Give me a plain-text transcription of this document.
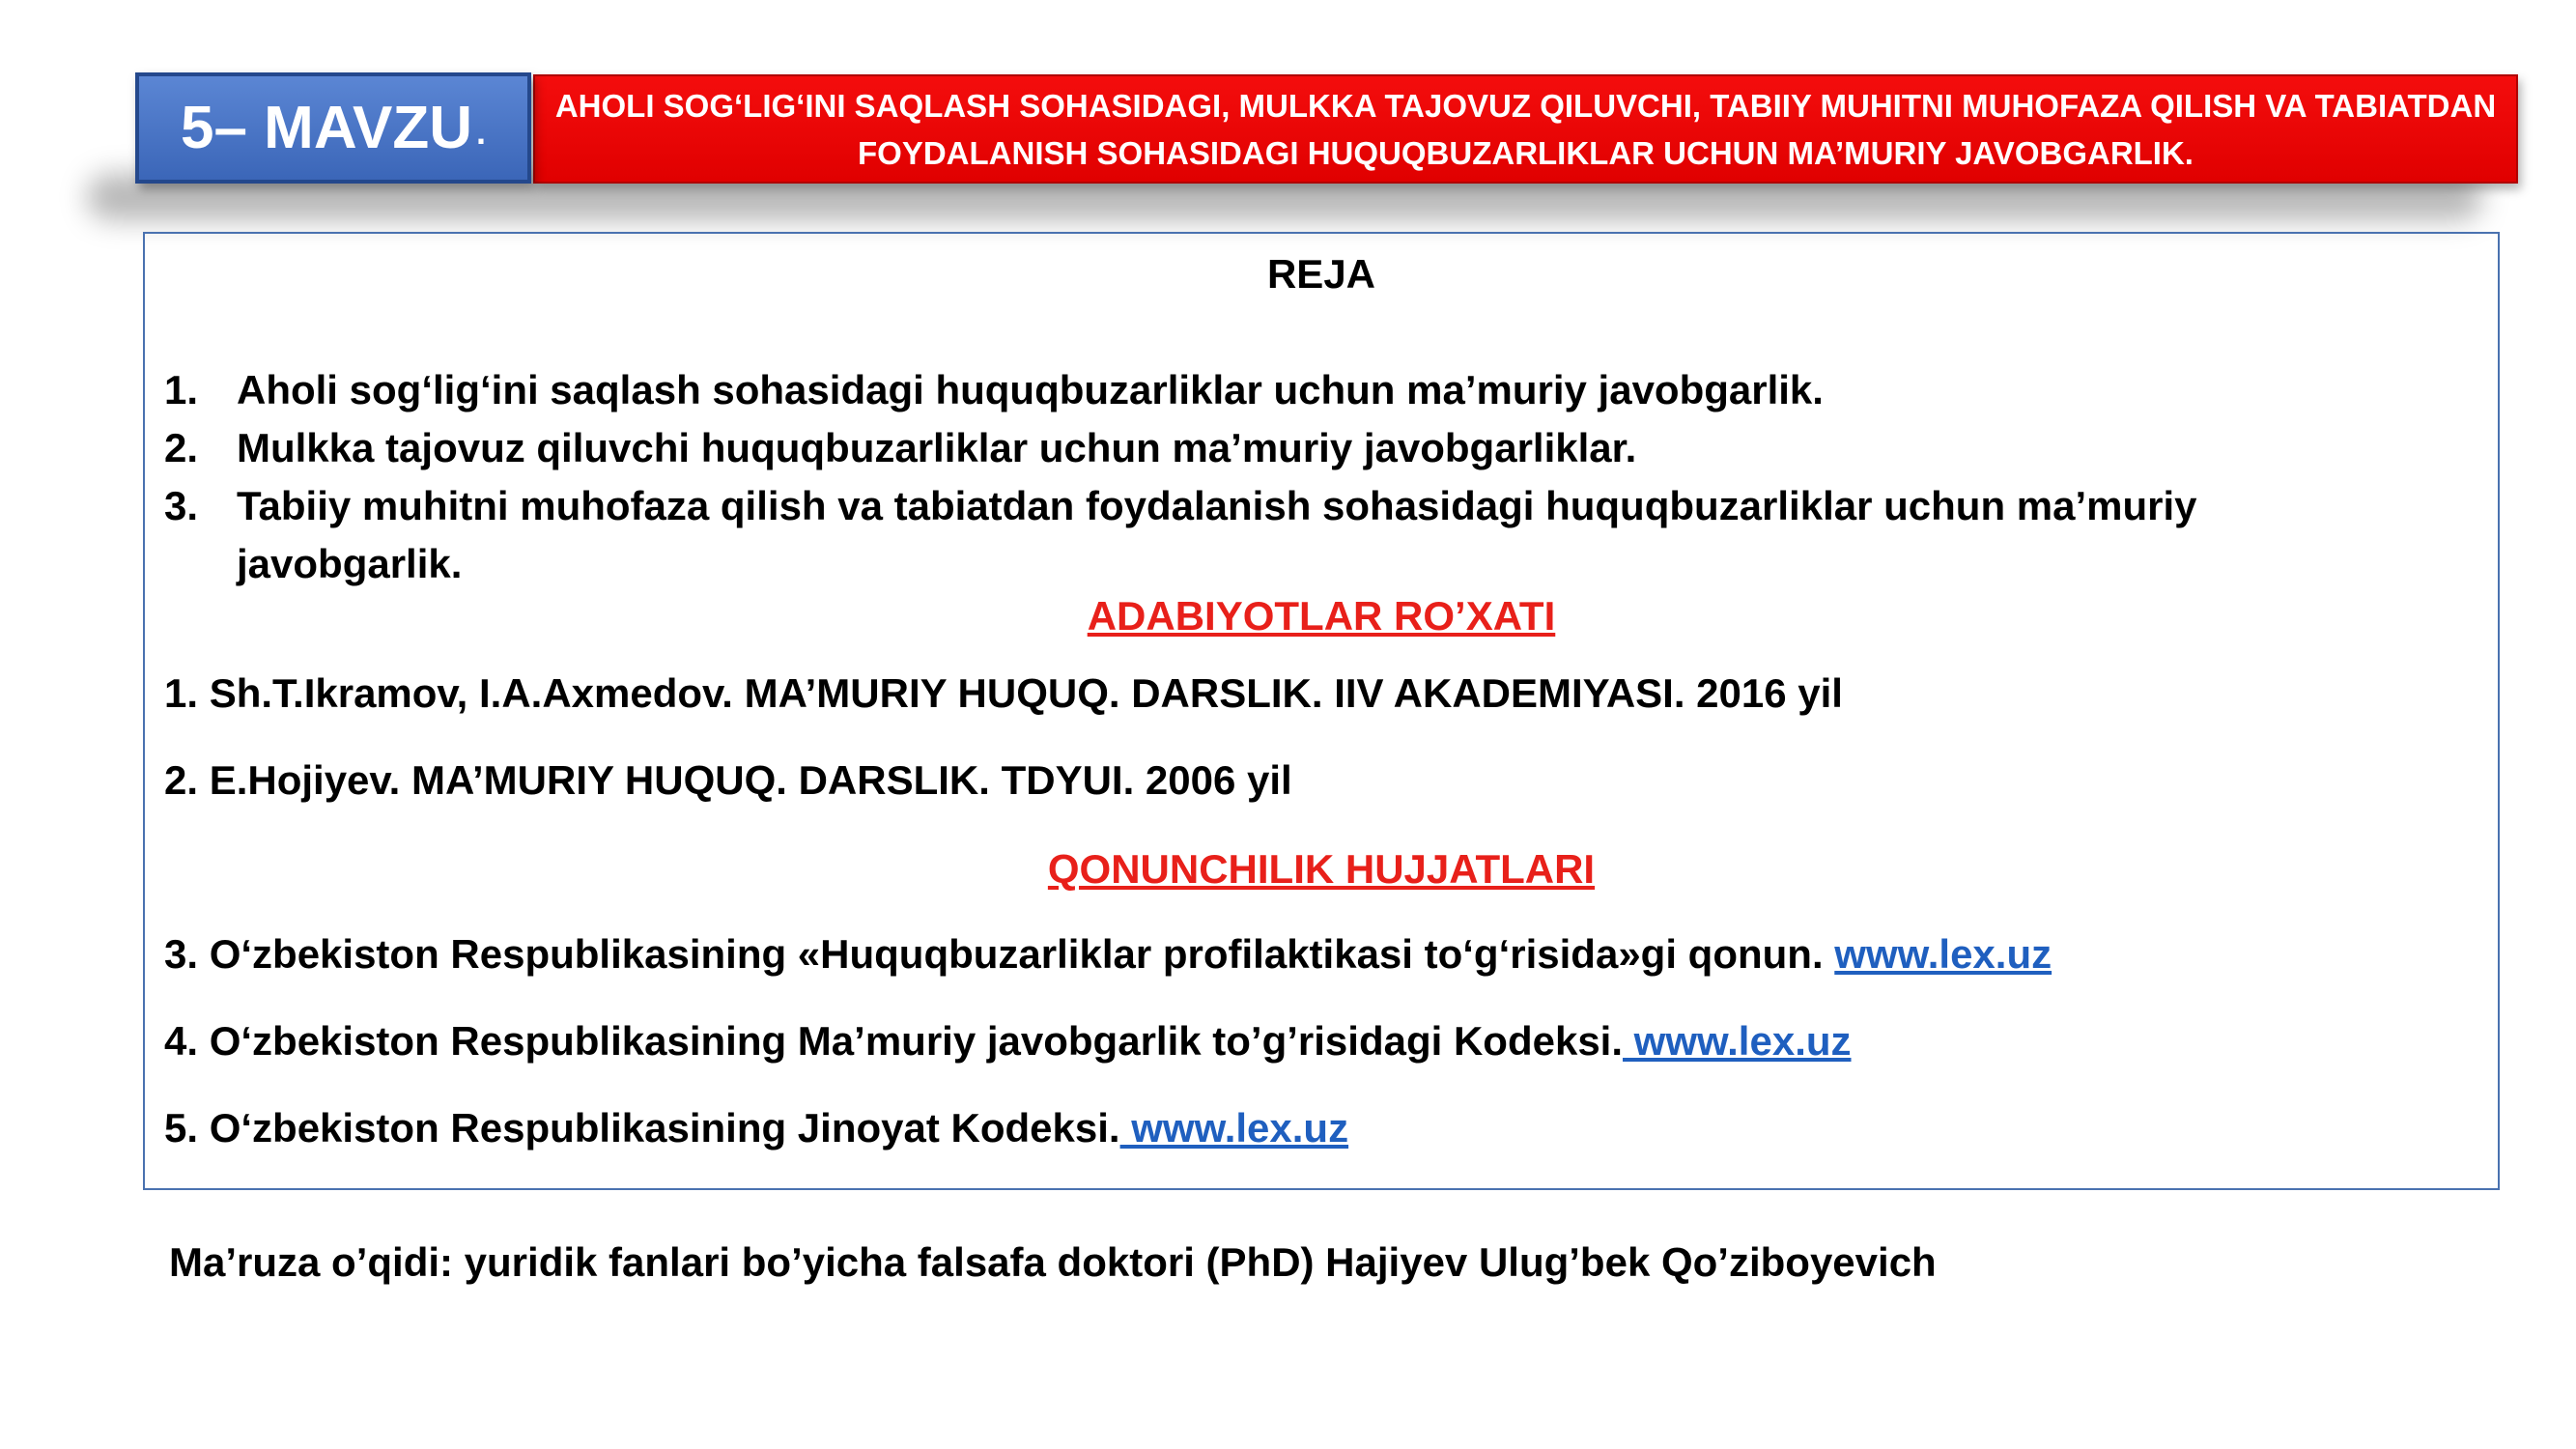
5– MAVZU .
AHOLI SOG‘LIG‘INI SAQLASH SOHASIDAGI, MULKKA TAJOVUZ QILUVCHI, TABIIY MUHITNI MUHOFAZA QILISH VA TABIATDAN FOYDALANISH SOHASIDAGI HUQUQBUZARLIKLAR UCHUN MA’MURIY JAVOBGARLIK.
REJA
1. Aholi sog‘lig‘ini saqlash sohasidagi huquqbuzarliklar uchun ma’muriy javobgarlik.
2. Mulkka tajovuz qiluvchi huquqbuzarliklar uchun ma’muriy javobgarliklar.
3. Tabiiy muhitni muhofaza qilish va tabiatdan foydalanish sohasidagi huquqbuzarliklar uchun ma’muriy javobgarlik.
ADABIYOTLAR RO’XATI
1. Sh.T.Ikramov, I.A.Axmedov. MA’MURIY HUQUQ. DARSLIK. IIV AKADEMIYASI. 2016 yil
2. E.Hojiyev. MA’MURIY HUQUQ. DARSLIK. TDYUI. 2006 yil
QONUNCHILIK HUJJATLARI
3. O‘zbekiston Respublikasining «Huquqbuzarliklar profilaktikasi to‘g‘risida»gi qonun. www.lex.uz
4. O‘zbekiston Respublikasining Ma’muriy javobgarlik to’g’risidagi Kodeksi. www.lex.uz
5. O‘zbekiston Respublikasining Jinoyat Kodeksi. www.lex.uz
Ma’ruza o’qidi: yuridik fanlari bo’yicha falsafa doktori (PhD) Hajiyev Ulug’bek Qo’ziboyevich
